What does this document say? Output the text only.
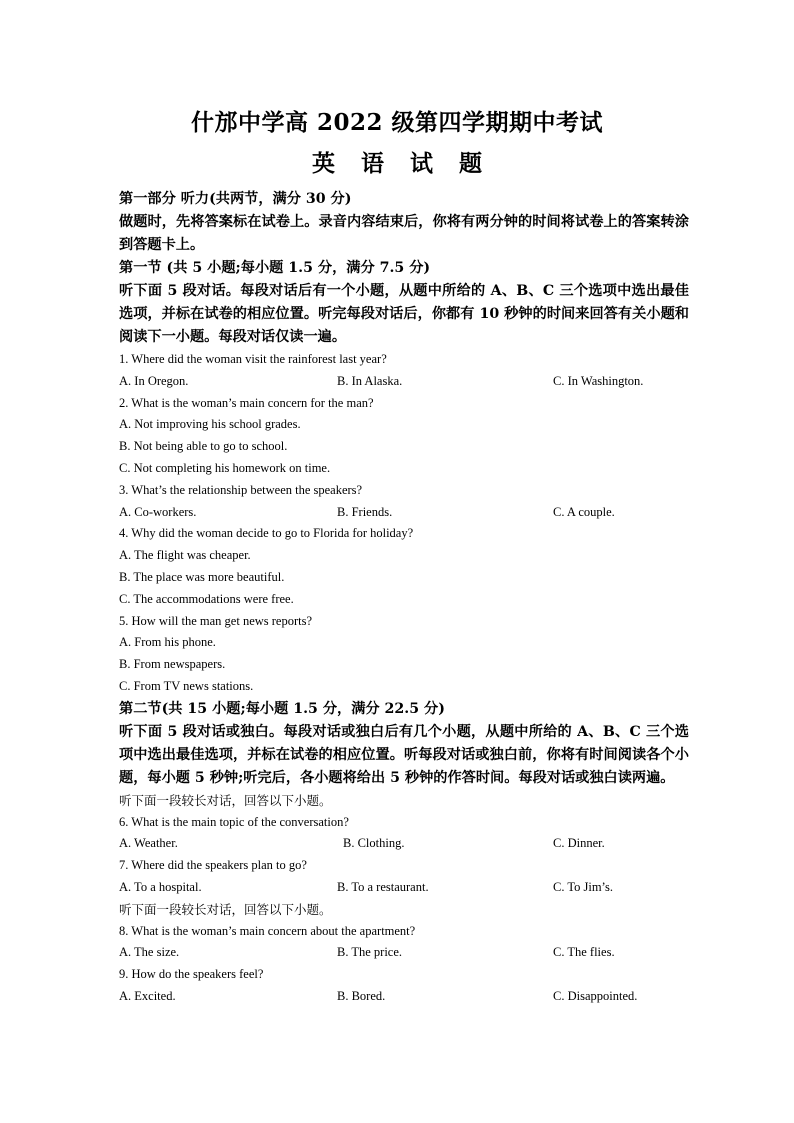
什邡中学高 2022 级第四学期期中考试
英 语 试 题
第一部分 听力(共两节，满分 30 分)
做题时，先将答案标在试卷上。录音内容结束后，你将有两分钟的时间将试卷上的答案转涂到答题卡上。
第一节 (共 5 小题;每小题 1.5 分，满分 7.5 分)
听下面 5 段对话。每段对话后有一个小题，从题中所给的 A、B、C 三个选项中选出最佳选项，并标在试卷的相应位置。听完每段对话后，你都有 10 秒钟的时间来回答有关小题和阅读下一小题。每段对话仅读一遍。
1. Where did the woman visit the rainforest last year?
A. In Oregon.	B. In Alaska.	C. In Washington.
2. What is the woman’s main concern for the man?
A. Not improving his school grades.
B. Not being able to go to school.
C. Not completing his homework on time.
3. What’s the relationship between the speakers?
A. Co-workers.	B. Friends.	C. A couple.
4. Why did the woman decide to go to Florida for holiday?
A. The flight was cheaper.
B. The place was more beautiful.
C. The accommodations were free.
5. How will the man get news reports?
A. From his phone.
B. From newspapers.
C. From TV news stations.
第二节(共 15 小题;每小题 1.5 分，满分 22.5 分)
听下面 5 段对话或独白。每段对话或独白后有几个小题，从题中所给的 A、B、C 三个选项中选出最佳选项，并标在试卷的相应位置。听每段对话或独白前，你将有时间阅读各个小题，每小题 5 秒钟;听完后，各小题将给出 5 秒钟的作答时间。每段对话或独白读两遍。
听下面一段较长对话，回答以下小题。
6. What is the main topic of the conversation?
A. Weather.	B. Clothing.	C. Dinner.
7. Where did the speakers plan to go?
A. To a hospital.	B. To a restaurant.	C. To Jim’s.
听下面一段较长对话，回答以下小题。
8. What is the woman’s main concern about the apartment?
A. The size.	B. The price.	C. The flies.
9. How do the speakers feel?
A. Excited.	B. Bored.	C. Disappointed.
